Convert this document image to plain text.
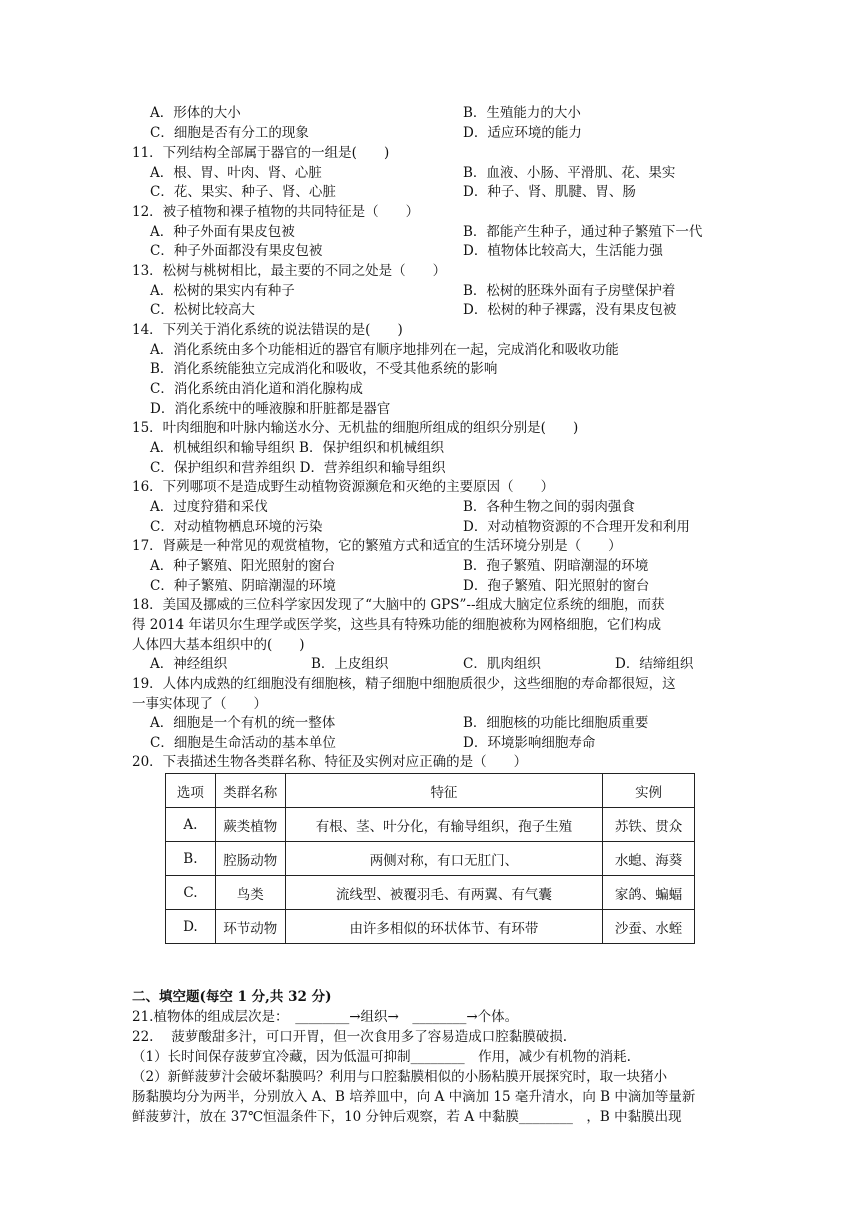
A．形体的大小	B．生殖能力的大小
C．细胞是否有分工的现象	D．适应环境的能力
11．下列结构全部属于器官的一组是(　　)
A．根、胃、叶肉、肾、心脏	B．血液、小肠、平滑肌、花、果实
C．花、果实、种子、肾、心脏	D．种子、肾、肌腱、胃、肠
12．被子植物和裸子植物的共同特征是（　　）
A．种子外面有果皮包被	B．都能产生种子，通过种子繁殖下一代
C．种子外面都没有果皮包被	D．植物体比较高大，生活能力强
13．松树与桃树相比，最主要的不同之处是（　　）
A．松树的果实内有种子	B．松树的胚珠外面有子房壁保护着
C．松树比较高大	D．松树的种子裸露，没有果皮包被
14．下列关于消化系统的说法错误的是(　　)
A．消化系统由多个功能相近的器官有顺序地排列在一起，完成消化和吸收功能
B．消化系统能独立完成消化和吸收，不受其他系统的影响
C．消化系统由消化道和消化腺构成
D．消化系统中的唾液腺和肝脏都是器官
15．叶肉细胞和叶脉内输送水分、无机盐的细胞所组成的组织分别是(　　)
A．机械组织和输导组织 B．保护组织和机械组织
C．保护组织和营养组织 D．营养组织和输导组织
16．下列哪项不是造成野生动植物资源濒危和灭绝的主要原因（　　）
A．过度狩猎和采伐	B．各种生物之间的弱肉强食
C．对动植物栖息环境的污染	D．对动植物资源的不合理开发和利用
17．肾蕨是一种常见的观赏植物，它的繁殖方式和适宜的生活环境分别是（　　）
A．种子繁殖、阳光照射的窗台	B．孢子繁殖、阴暗潮湿的环境
C．种子繁殖、阴暗潮湿的环境	D．孢子繁殖、阳光照射的窗台
18．美国及挪威的三位科学家因发现了“大脑中的 GPS”--组成大脑定位系统的细胞，而获
得 2014 年诺贝尔生理学或医学奖，这些具有特殊功能的细胞被称为网格细胞，它们构成
人体四大基本组织中的(　　)
A．神经组织	B．上皮组织	C．肌肉组织	D．结缔组织
19．人体内成熟的红细胞没有细胞核，精子细胞中细胞质很少，这些细胞的寿命都很短，这
一事实体现了（　　）
A．细胞是一个有机的统一整体	B．细胞核的功能比细胞质重要
C．细胞是生命活动的基本单位	D．环境影响细胞寿命
20．下表描述生物各类群名称、特征及实例对应正确的是（　　）
选项	类群名称	特征	实例
A.	蕨类植物	有根、茎、叶分化，有输导组织，孢子生殖	苏铁、贯众
B.	腔肠动物	两侧对称，有口无肛门、	水螅、海葵
C.	鸟类	流线型、被覆羽毛、有两翼、有气囊	家鸽、蝙蝠
D.	环节动物	由许多相似的环状体节、有环带	沙蚕、水蛭
二、填空题(每空 1 分,共 32 分)
21.植物体的组成层次是：　________→组织→　________→个体。
22.　 菠萝酸甜多汁，可口开胃，但一次食用多了容易造成口腔黏膜破损.
（1）长时间保存菠萝宜冷藏，因为低温可抑制________　作用，减少有机物的消耗.
（2）新鲜菠萝汁会破坏黏膜吗？利用与口腔黏膜相似的小肠粘膜开展探究时，取一块猪小
肠黏膜均分为两半，分别放入 A、B 培养皿中，向 A 中滴加 15 毫升清水，向 B 中滴加等量新
鲜菠萝汁，放在 37℃恒温条件下，10 分钟后观察，若 A 中黏膜________　，B 中黏膜出现
